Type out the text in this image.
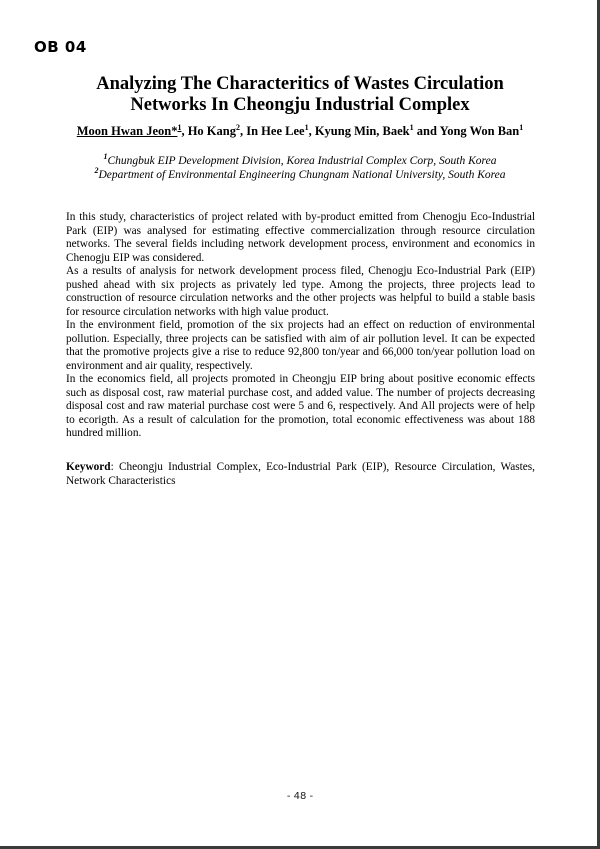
OB 04
Analyzing The Characteritics of Wastes Circulation
Networks In Cheongju Industrial Complex
Moon Hwan Jeon*$^1$, Ho Kang$^2$, In Hee Lee$^1$, Kyung Min, Baek$^1$ and Yong Won Ban$^1$
$^1$Chungbuk EIP Development Division, Korea Industrial Complex Corp, South Korea
$^2$Department of Environmental Engineering Chungnam National University, South Korea

In this study, characteristics of project related with by-product emitted from Chenogju Eco-Industrial Park (EIP) was analysed for estimating effective commercialization through resource circulation networks. The several fields including network development process, environment and economics in Chenogju EIP was considered.

As a results of analysis for network development process filed, Chenogju Eco-Industrial Park (EIP) pushed ahead with six projects as privately led type. Among the projects, three projects lead to construction of resource circulation networks and the other projects was helpful to build a stable basis for resource circulation networks with high value product.

In the environment field, promotion of the six projects had an effect on reduction of environmental pollution. Especially, three projects can be satisfied with aim of air pollution level. It can be expected that the promotive projects give a rise to reduce 92,800 ton/year and 66,000 ton/year pollution load on environment and air quality, respectively.

In the economics field, all projects promoted in Cheongju EIP bring about positive economic effects such as disposal cost, raw material purchase cost, and added value. The number of projects decreasing disposal cost and raw material purchase cost were 5 and 6, respectively. And All projects were of help to ecorigth. As a result of calculation for the promotion, total economic effectiveness was about 188 hundred million.

Keyword: Cheongju Industrial Complex, Eco-Industrial Park (EIP), Resource Circulation, Wastes, Network Characteristics
- 48 -
